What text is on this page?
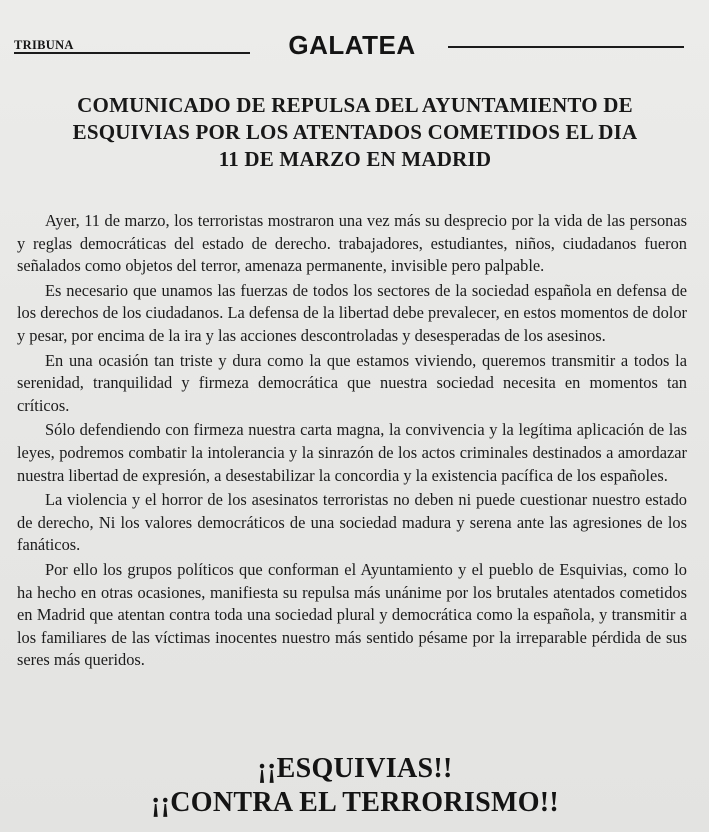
TRIBUNA	GALATEA
COMUNICADO DE REPULSA DEL AYUNTAMIENTO DE
ESQUIVIAS POR LOS ATENTADOS COMETIDOS EL DIA
11 DE MARZO EN MADRID

Ayer, 11 de marzo, los terroristas mostraron una vez más su desprecio por la vida de las personas y reglas democráticas del estado de derecho. trabajadores, estudiantes, niños, ciudadanos fueron señalados como objetos del terror, amenaza permanente, invisible pero palpable.

Es necesario que unamos las fuerzas de todos los sectores de la sociedad española en defensa de los derechos de los ciudadanos. La defensa de la libertad debe prevalecer, en estos momentos de dolor y pesar, por encima de la ira y las acciones descontroladas y desesperadas de los asesinos.

En una ocasión tan triste y dura como la que estamos viviendo, queremos transmitir a todos la serenidad, tranquilidad y firmeza democrática que nuestra sociedad necesita en momentos tan críticos.

Sólo defendiendo con firmeza nuestra carta magna, la convivencia y la legítima aplicación de las leyes, podremos combatir la intolerancia y la sinrazón de los actos criminales destinados a amordazar nuestra libertad de expresión, a desestabilizar la concordia y la existencia pacífica de los españoles.

La violencia y el horror de los asesinatos terroristas no deben ni puede cuestionar nuestro estado de derecho, Ni los valores democráticos de una sociedad madura y serena ante las agresiones de los fanáticos.

Por ello los grupos políticos que conforman el Ayuntamiento y el pueblo de Esquivias, como lo ha hecho en otras ocasiones, manifiesta su repulsa más unánime por los brutales atentados cometidos en Madrid que atentan contra toda una sociedad plural y democrática como la española, y transmitir a los familiares de las víctimas inocentes nuestro más sentido pésame por la irreparable pérdida de sus seres más queridos.

¡¡ESQUIVIAS!!
¡¡CONTRA EL TERRORISMO!!
